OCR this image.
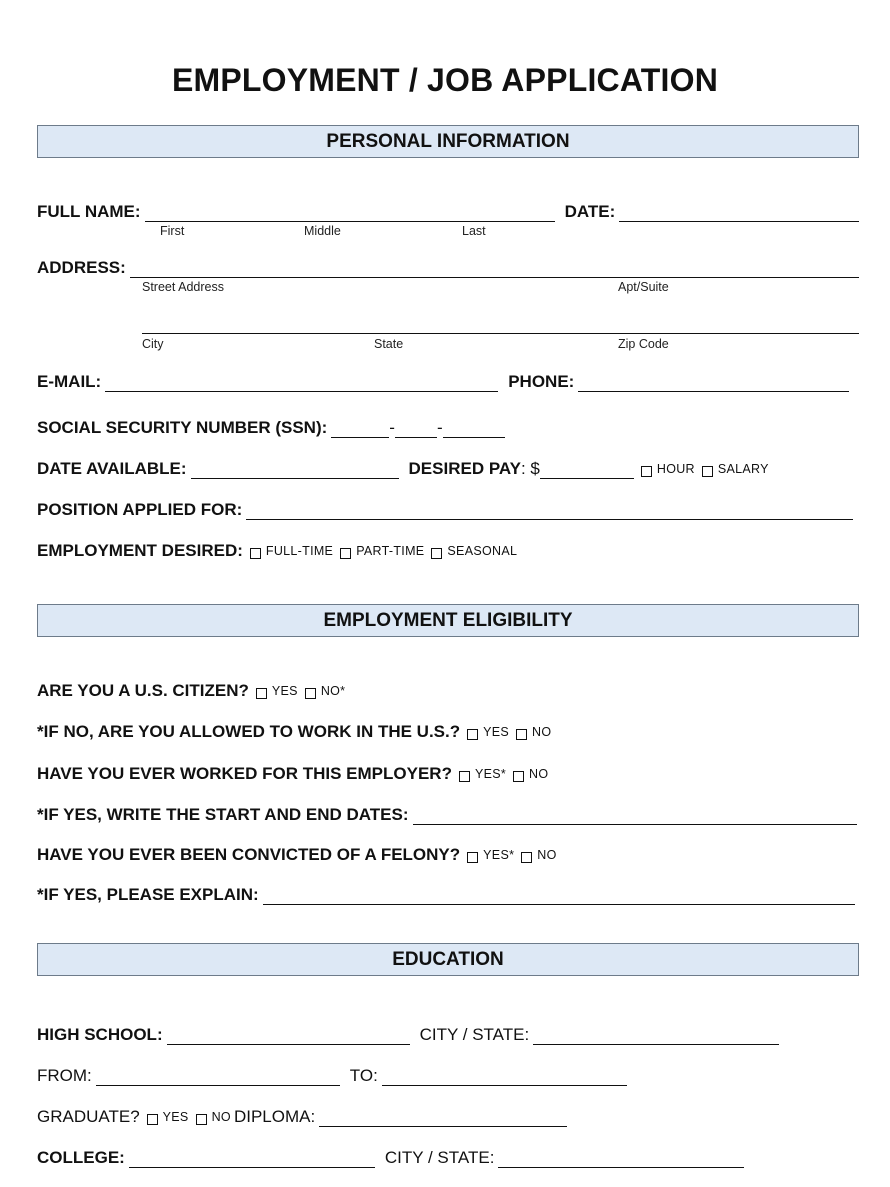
EMPLOYMENT / JOB APPLICATION
PERSONAL INFORMATION
FULL NAME:	DATE:
First	Middle	Last
ADDRESS:
Street Address	Apt/Suite
City	State	Zip Code
E-MAIL:	PHONE:
SOCIAL SECURITY NUMBER (SSN):	- -
DATE AVAILABLE:	DESIRED PAY : $	HOUR SALARY
POSITION APPLIED FOR:
EMPLOYMENT DESIRED: FULL-TIME PART-TIME SEASONAL
EMPLOYMENT ELIGIBILITY
ARE YOU A U.S. CITIZEN? YES NO*
*IF NO, ARE YOU ALLOWED TO WORK IN THE U.S.? YES NO
HAVE YOU EVER WORKED FOR THIS EMPLOYER? YES* NO
*IF YES, WRITE THE START AND END DATES:
HAVE YOU EVER BEEN CONVICTED OF A FELONY? YES* NO
*IF YES, PLEASE EXPLAIN:
EDUCATION
HIGH SCHOOL:	CITY / STATE:
FROM:	TO:
GRADUATE? YES NO DIPLOMA:
COLLEGE:	CITY / STATE:
